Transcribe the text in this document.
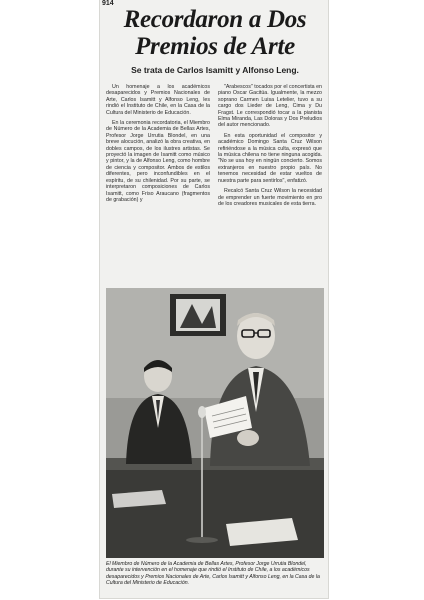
914
Recordaron a Dos Premios de Arte
Se trata de Carlos Isamitt y Alfonso Leng.

Un homenaje a los académicos desaparecidos y Premios Nacionales de Arte, Carlos Isamitt y Alfonso Leng, les rindió el Instituto de Chile, en la Casa de la Cultura del Ministerio de Educación.

En la ceremonia recordatoria, el Miembro de Número de la Academia de Bellas Artes, Profesor Jorge Urrutia Blondel, en una breve alocución, analizó la obra creativa, en dobles campos, de los ilustres artistas. Se proyectó la imagen de Isamitt como músico y pintor, y la de Alfonso Leng, como hombre de ciencia y compositor. Ambos de estilos diferentes, pero inconfundibles en el espíritu, de su chilenidad. Por su parte, se interpretaron composiciones de Carlos Isamitt, como Friso Araucano (fragmentos de grabación) y

"Arabescos" tocados por el concertista en piano Oscar Gacitúa. Igualmente, la mezzo soprano Carmen Luisa Letelier, tuvo a su cargo dos Lieder de Leng, Cima y Du Fragst. Le correspondió tocar a la pianista Elma Miranda, Las Doloras y Dos Preludios del autor mencionado.

En esta oportunidad el compositor y académico Domingo Santa Cruz Wilson refiriéndose a la música culta, expresó que la música chilena no tiene ninguna acogida. "No se usa hoy en ningún concierto. Somos extranjeros en nuestro propio país. No tenemos necesidad de estar vueltos de nuestra parte para sentirlos", enfatizó.

Recalcó Santa Cruz Wilson la necesidad de emprender un fuerte movimiento en pro de los creadores musicales de esta tierra.

El Miembro de Número de la Academia de Bellas Artes, Profesor Jorge Urrutia Blondel, durante su intervención en el homenaje que rindió el Instituto de Chile, a los académicos desaparecidos y Premios Nacionales de Arte, Carlos Isamitt y Alfonso Leng, en la Casa de la Cultura del Ministerio de Educación.
